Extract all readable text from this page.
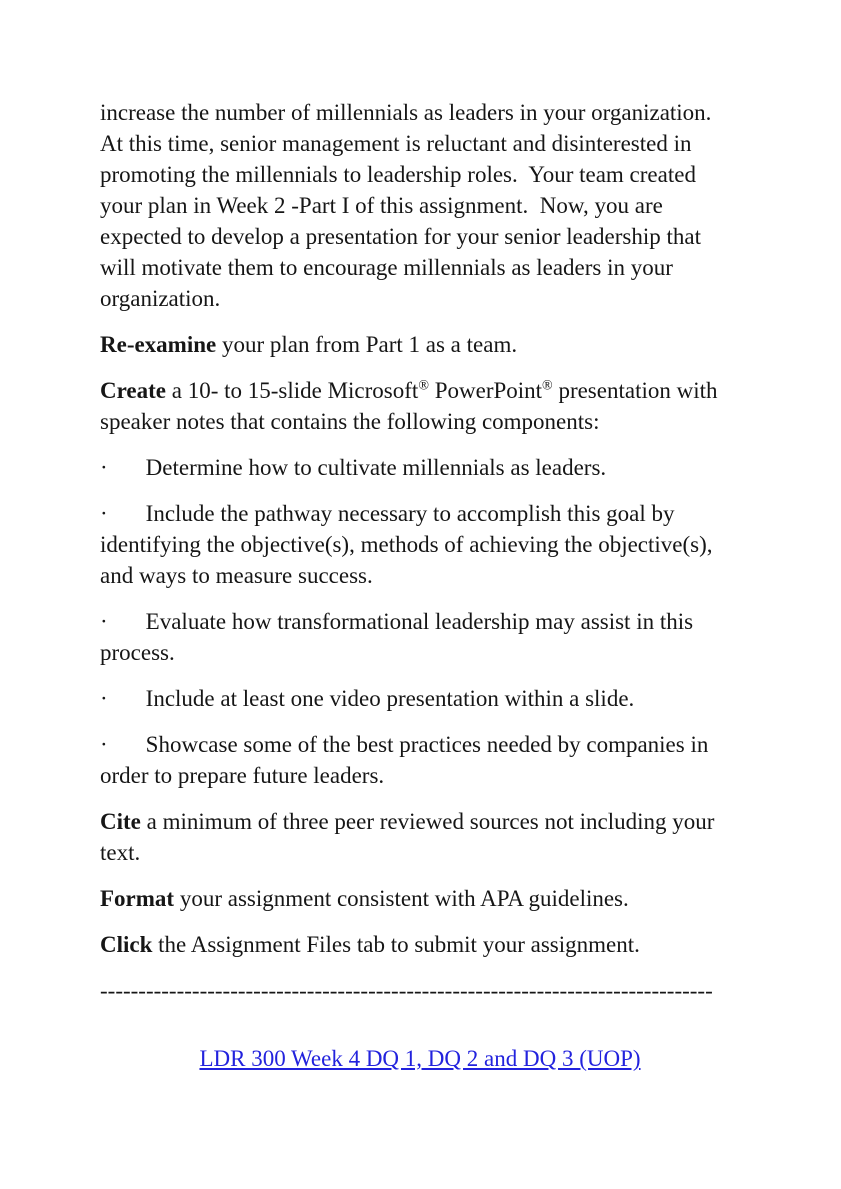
increase the number of millennials as leaders in your organization.  At this time, senior management is reluctant and disinterested in promoting the millennials to leadership roles.  Your team created your plan in Week 2 -Part I of this assignment.  Now, you are expected to develop a presentation for your senior leadership that will motivate them to encourage millennials as leaders in your organization.

Re-examine your plan from Part 1 as a team.

Create a 10- to 15-slide Microsoft® PowerPoint® presentation with speaker notes that contains the following components:

· Determine how to cultivate millennials as leaders.

· Include the pathway necessary to accomplish this goal by identifying the objective(s), methods of achieving the objective(s), and ways to measure success.

· Evaluate how transformational leadership may assist in this process.

· Include at least one video presentation within a slide.

· Showcase some of the best practices needed by companies in order to prepare future leaders.

Cite a minimum of three peer reviewed sources not including your text.

Format your assignment consistent with APA guidelines.

Click the Assignment Files tab to submit your assignment.

--------------------------------------------------------------------------------

LDR 300 Week 4 DQ 1, DQ 2 and DQ 3 (UOP)
